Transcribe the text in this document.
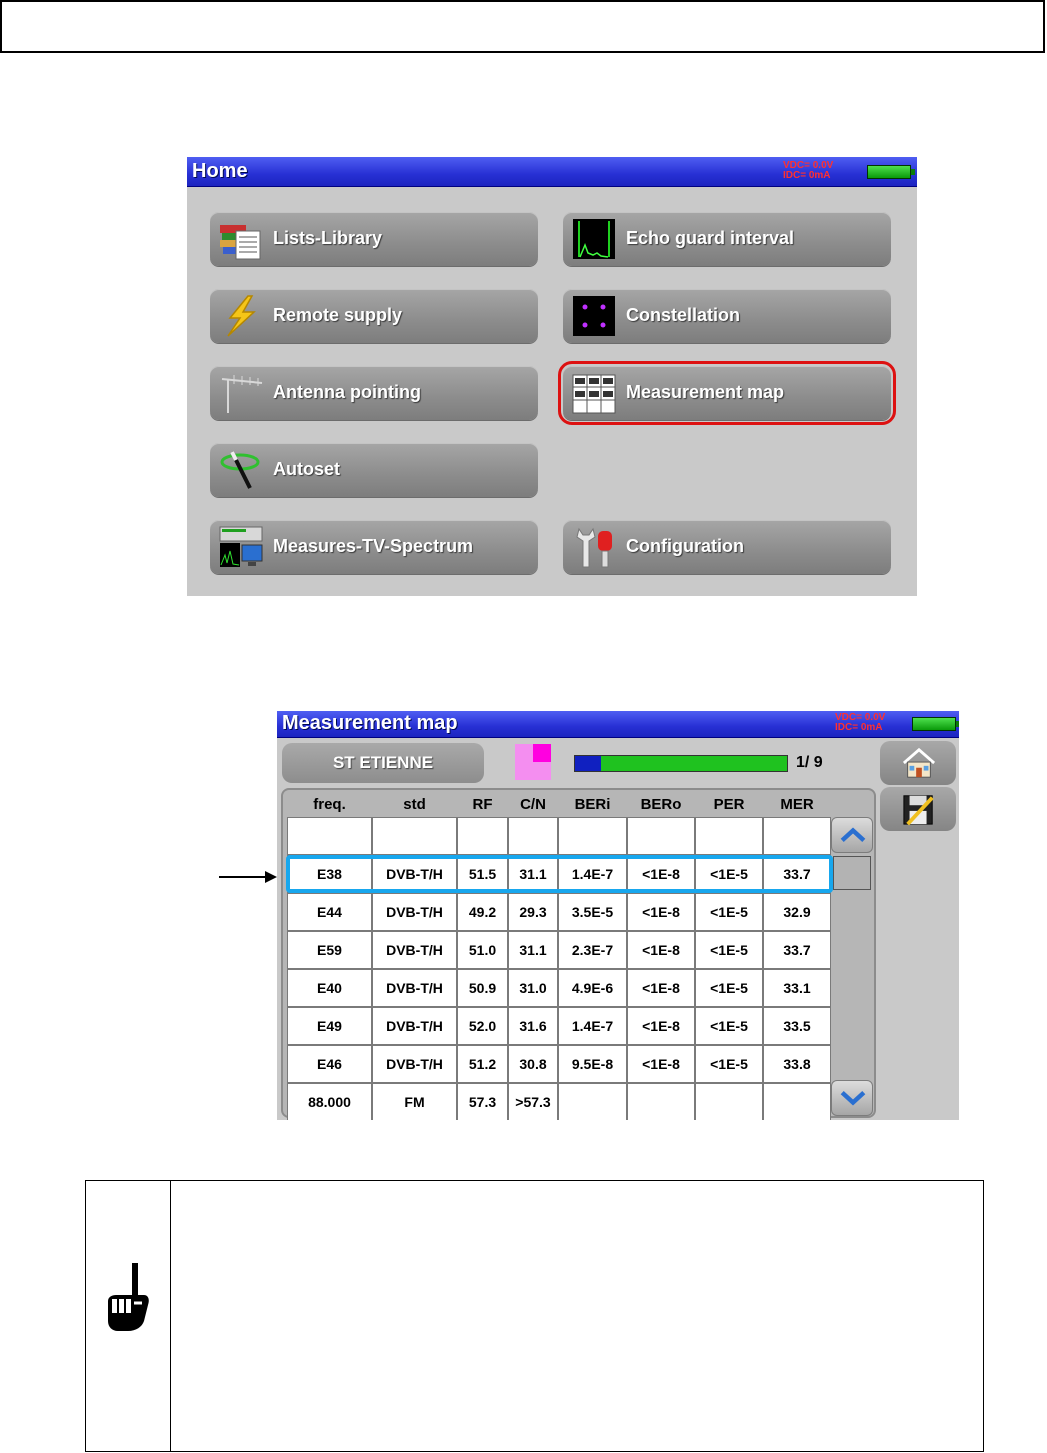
Home	VDC= 0.0V
IDC= 0mA
Lists-Library	Echo guard interval
Remote supply	Constellation
Antenna pointing	Measurement map
Autoset
Measures-TV-Spectrum	Configuration
Measurement map	VDC= 0.0V
IDC= 0mA
ST ETIENNE	1/ 9
freq.	std	RF	C/N	BERi	BERo	PER	MER
E38	DVB-T/H	51.5	31.1	1.4E-7	<1E-8	<1E-5	33.7
E44	DVB-T/H	49.2	29.3	3.5E-5	<1E-8	<1E-5	32.9
E59	DVB-T/H	51.0	31.1	2.3E-7	<1E-8	<1E-5	33.7
E40	DVB-T/H	50.9	31.0	4.9E-6	<1E-8	<1E-5	33.1
E49	DVB-T/H	52.0	31.6	1.4E-7	<1E-8	<1E-5	33.5
E46	DVB-T/H	51.2	30.8	9.5E-8	<1E-8	<1E-5	33.8
88.000	FM	57.3	>57.3
